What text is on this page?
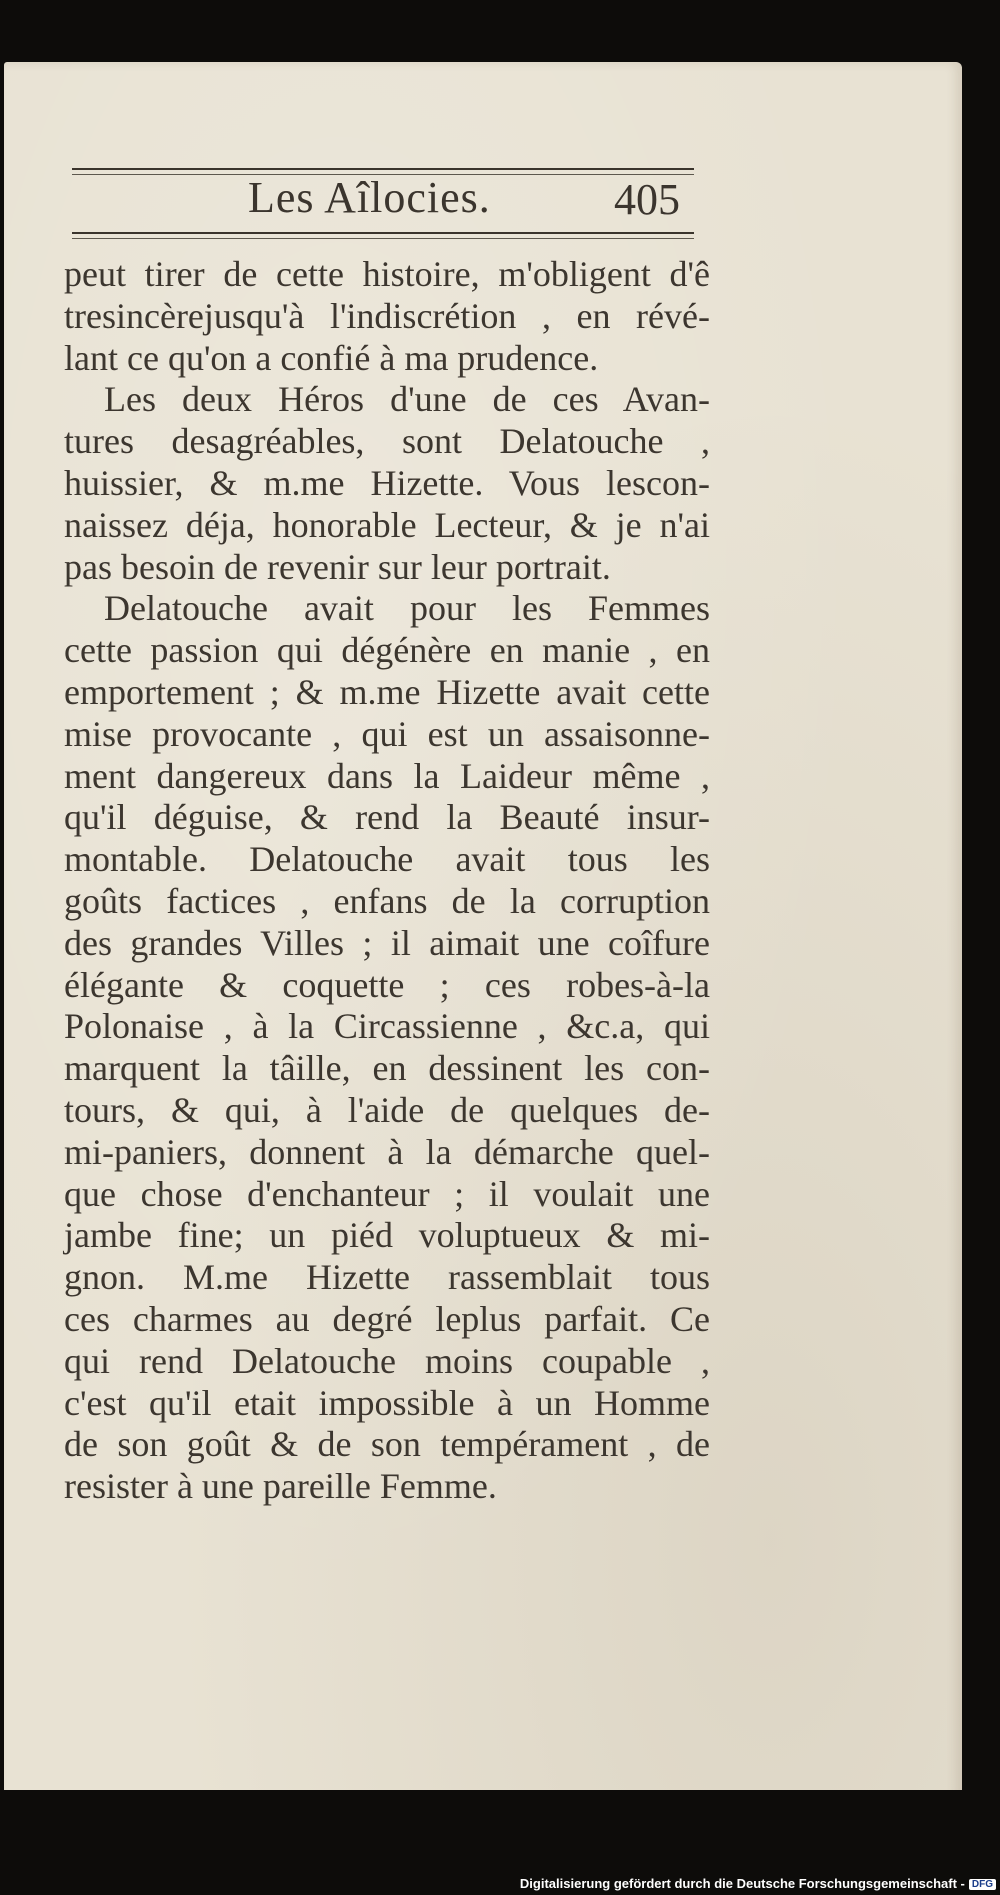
Les Aîlocies.	405
peut tirer de cette histoire, m'obligent d'ê
tresincèrejusqu'à l'indiscrétion , en révé-
lant ce qu'on a confié à ma prudence.
Les deux Héros d'une de ces Avan-
tures desagréables, sont Delatouche ,
huissier, & m.me Hizette. Vous lescon-
naissez déja, honorable Lecteur, & je n'ai
pas besoin de revenir sur leur portrait.
Delatouche avait pour les Femmes
cette passion qui dégénère en manie , en
emportement ; & m.me Hizette avait cette
mise provocante , qui est un assaisonne-
ment dangereux dans la Laideur même ,
qu'il déguise, & rend la Beauté insur-
montable. Delatouche avait tous les
goûts factices , enfans de la corruption
des grandes Villes ; il aimait une coîfure
élégante & coquette ; ces robes-à-la
Polonaise , à la Circassienne , &c.a, qui
marquent la tâille, en dessinent les con-
tours, & qui, à l'aide de quelques de-
mi-paniers, donnent à la démarche quel-
que chose d'enchanteur ; il voulait une
jambe fine; un piéd voluptueux & mi-
gnon. M.me Hizette rassemblait tous
ces charmes au degré leplus parfait. Ce
qui rend Delatouche moins coupable ,
c'est qu'il etait impossible à un Homme
de son goût & de son tempérament , de
resister à une pareille Femme.
Digitalisierung gefördert durch die Deutsche Forschungsgemeinschaft - DFG
